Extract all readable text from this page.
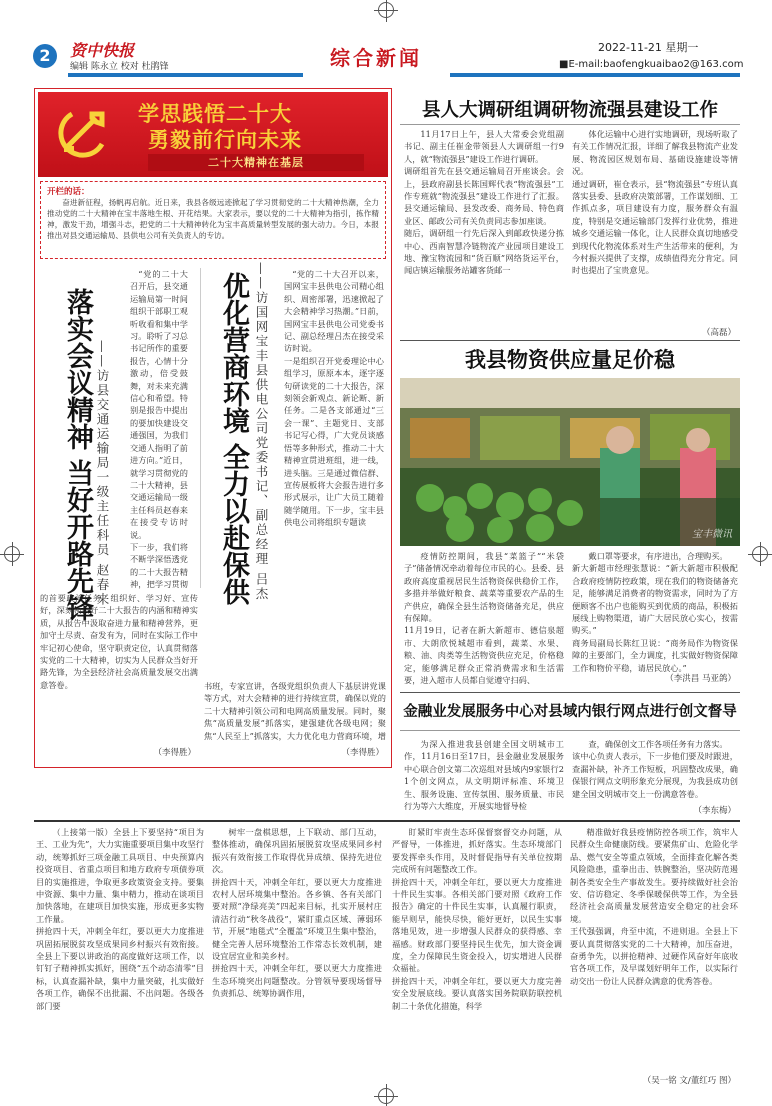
2	资中快报
编辑 陈永立 校对 杜鹃锋	综合新闻	2022-11-21 星期一
■E-mail:baofengkuaibao2@163.com
学思践悟二十大
勇毅前行向未来
二十大精神在基层
开栏的话：
奋进新征程，扬帆再启航。近日来，我县各级远迹掀起了学习贯彻党的二十大精神热潮，全力推动党的二十大精神在宝丰落地生根、开花结果。大家表示，要以党的二十大精神为指引，拣作精神，激发干劲，增强斗志，把党的二十大精神转化为宝丰高质量转型发展的强大动力。今日，本报推出对县交通运输局、县供电公司有关负责人的专访。
落实会议精神 当好开路先锋 ——访县交通运输局一级主任科员 赵春来
“党的二十大召开后，县交通运输局第一时间组织干部职工观听收看和集中学习。聆听了习总书记所作的重要报告，心情十分激动，倍受鼓舞，对未来充满信心和希望。特别是报告中提出的要加快建设交通强国，为我们交通人指明了前进方向。”近日，就学习贯彻党的二十大精神，县交通运输局一级主任科员赵春来在接受专访时说。
下一步，我们将不断学深悟透党的二十大报告精神，把学习贯彻
的首要政治任务，组织好、学习好、宣传好，深刻领会好二十大报告的内涵和精神实质，从报告中汲取奋进力量和精神营养，更加守土尽责、奋发有为，同时在实际工作中牢记初心使命，坚守职责定位，认真贯彻落实党的二十大精神，切实为人民群众当好开路先锋，为全县经济社会高质量发展交出满意答卷。
（李得胜）
优化营商环境 全力以赴保供 ——访国网宝丰县供电公司党委书记、副总经理 吕杰	“党的二十大召开以来，国网宝丰县供电公司精心组织、周密部署，迅速掀起了大会精神学习热潮。”日前，国网宝丰县供电公司党委书记、副总经理吕杰在接受采访时说。
一是组织召开党委理论中心组学习，原原本本，逐字逐句研读党的二十大报告，深刻领会新观点、新论断、新任务。二是各支部通过“三会一课”、主题党日、支部书记写心得，广大党员谈感悟等多种形式，推动二十大精神宣贯进班组，进一线，进头脑。三是通过微信群、宣传展板将大会报告进行多形式展示，让广大员工随着随学随用。下一步，宝丰县供电公司将组织专题读
书班，专家宣讲，各级党组织负责人下基层讲党课等方式，对大会精神的进行持续宣贯，确保以党的二十大精神引领公司和电网高质量发展。同时，聚焦“高质量发展”抓落实，建强建优各级电网；聚焦“人民至上”抓落实，大力优化电力营商环境，增
（李得胜）
县人大调研组调研物流强县建设工作
11月17日上午，县人大常委会党组副书记、副主任崔金带领县人大调研组一行9人，就“物流强县”建设工作进行调研。
调研组首先在县交通运输局召开座谈会。会上，县政府副县长陈国辉代表“物流强县”工作专班就“物流强县”建设工作进行了汇报。县交通运输局、县发改委、商务局、特色商业区、邮政公司有关负责同志参加座谈。
随后，调研组一行先后深入到邮政快递分拣中心、西南智慧冷链物流产业园项目建设工地、豫宝物流园和“货百顺”网络货运平台，闻店镇运输服务站罐客货邮一
体化运输中心进行实地调研，现场听取了有关工作情况汇报，详细了解我县物流产业发展、物流园区规划布局、基础设施建设等情况。
通过调研，崔仓表示，县“物流强县”专班认真落实县委、县政府决策部署，工作谋划细、工作抓点多，项目建设有力度，服务群众有温度，特别是交通运输部门发挥行业优势，推进城乡交通运输一体化，让人民群众真切地感受到现代化物流体系对生产生活带来的便利，为今村振兴提供了支撑，成绩值得充分肯定。同时也提出了宝贵意见。
（高磊）
我县物资供应量足价稳
宝丰微讯
疫情防控期间，我县“菜篮子”“米袋子”储备情况牵动着每位市民的心。县委、县政府高度重视居民生活物资保供稳价工作，多措并举做好粮食、蔬菜等重要农产品的生产供应，确保全县生活物资储备充足，供应有保障。
11月19日，记者在新大新超市、德信泉超市、大朗欣悦城超市看到，蔬菜、水果、粮、油、肉类等生活物资供应充足，价格稳定，能够满足群众正常消费需求和生活需要，进入超市人员都自觉遵守扫码、
戴口罩等要求，有序进出，合理购买。
新大新超市经理张慧说：“新大新超市积极配合政府疫情防控政策，现在我们的物资储备充足，能够满足消费者的物资需求，同时为了方便顾客不出户也能购买到优质的商品，积极拓展线上购物渠道，请广大居民放心实心，按需购买。”
商务局副局长陈红卫说：“商务局作为物资保障的主要部门，全力调度，扎实做好物资保障工作和物价平稳，请居民放心。”
（李洪昌 马亚鸽）
金融业发展服务中心对县域内银行网点进行创文督导
为深入推进我县创建全国文明城市工作，11月16日至17日，县金融业发展服务中心联合创文第二次巡组对县域内9家银行21个创文网点，从文明期评标准、环境卫生、服务设施、宣传氛围、服务质量、市民行为等六大维度，开展实地督导检
查，确保创文工作各项任务有力落实。
该中心负责人表示，下一步他们要及时跟进，查漏补缺，补齐工作短板，巩固整改成果，确保银行网点文明形象充分展现，为我县成功创建全国文明城市交上一份满意答卷。
（李东梅）
（上接第一版）全县上下要坚持“项目为王、工业为先”，大力实施重要项目集中攻坚行动，统筹抓好三项金融工具项目、中央预算内投资项目、省重点项目和地方政府专项债券项目的实施推进，争取更多政策资金支持。要集中资源、集中力量、集中精力，推动在谈项目加快落地，在建项目加快实施，形成更多实物工作量。
拼抢四十天，冲刺全年红，要以更大力度推进巩固拓展脱贫攻坚成果同乡村振兴有效衔接。全县上下要以讲政治的高度做好这项工作，以钉钉子精神抓实抓好，围绕“五个动态清零”目标，认真查漏补缺，集中力量突破，扎实做好各项工作，确保不出批漏、不出问题。各级各部门要
树牢一盘棋思想，上下联动、部门互动，整体推动，确保巩固拓展脱贫攻坚成果同乡村振兴有效衔接工作取得优异成绩、保持先进位次。
拼抢四十天，冲刺全年红，要以更大力度推进农村人居环境集中整治。各乡镇、各有关部门要对照“净绿亮美”四起来目标，扎实开展村庄清洁行动“秋冬战役”，紧盯重点区域、薄弱环节，开展“地毯式”全覆盖”环境卫生集中整治，健全完善人居环境整治工作常态长效机制，建设宜居宜业和美乡村。
拼抢四十天，冲刺全年红，要以更大力度推进生态环境突出问题整改。分管领导要现场督导负责抓总、统筹协调作用，
盯紧盯牢责生态环保督察督交办问题，从严督导，一体推进，抓好落实。生态环境部门要发挥牵头作用，及时督促指导有关单位按期完成所有问题整改工作。
拼抢四十天，冲刺全年红，要以更大力度推进十件民生实事。各相关部门要对照《政府工作报告》确定的十件民生实事，认真履行职责，能早则早，能快尽快，能好更好，以民生实事落地见效，进一步增强人民群众的获得感、幸福感。财政部门要坚持民生优先，加大资金调度，全力保障民生资金投入，切实增进人民群众福祉。
拼抢四十天，冲刺全年红，要以更大力度完善安全发展底线。要认真落实国务院联防联控机制二十条优化措施，科学
精准做好我县疫情防控各项工作，筑牢人民群众生命健康防线。要紧焦矿山、危险化学品、燃气安全等重点领域，全面排查化解各类风险隐患，重拳出击、铁腕整治，坚决防范遏制各类安全生产事故发生。要持续做好社会治安、信访稳定、冬季保暖保供等工作，为全县经济社会高质量发展营造安全稳定的社会环境。
王代强强调，舟至中流，不进则退。全县上下要认真贯彻落实党的二十大精神，加压奋进，奋勇争先，以拼抢精神、过硬作风奋好年底收官各项工作，及早谋划好明年工作，以实际行动交出一份让人民群众满意的优秀答卷。
（吴一铭 文/董红巧 图）
